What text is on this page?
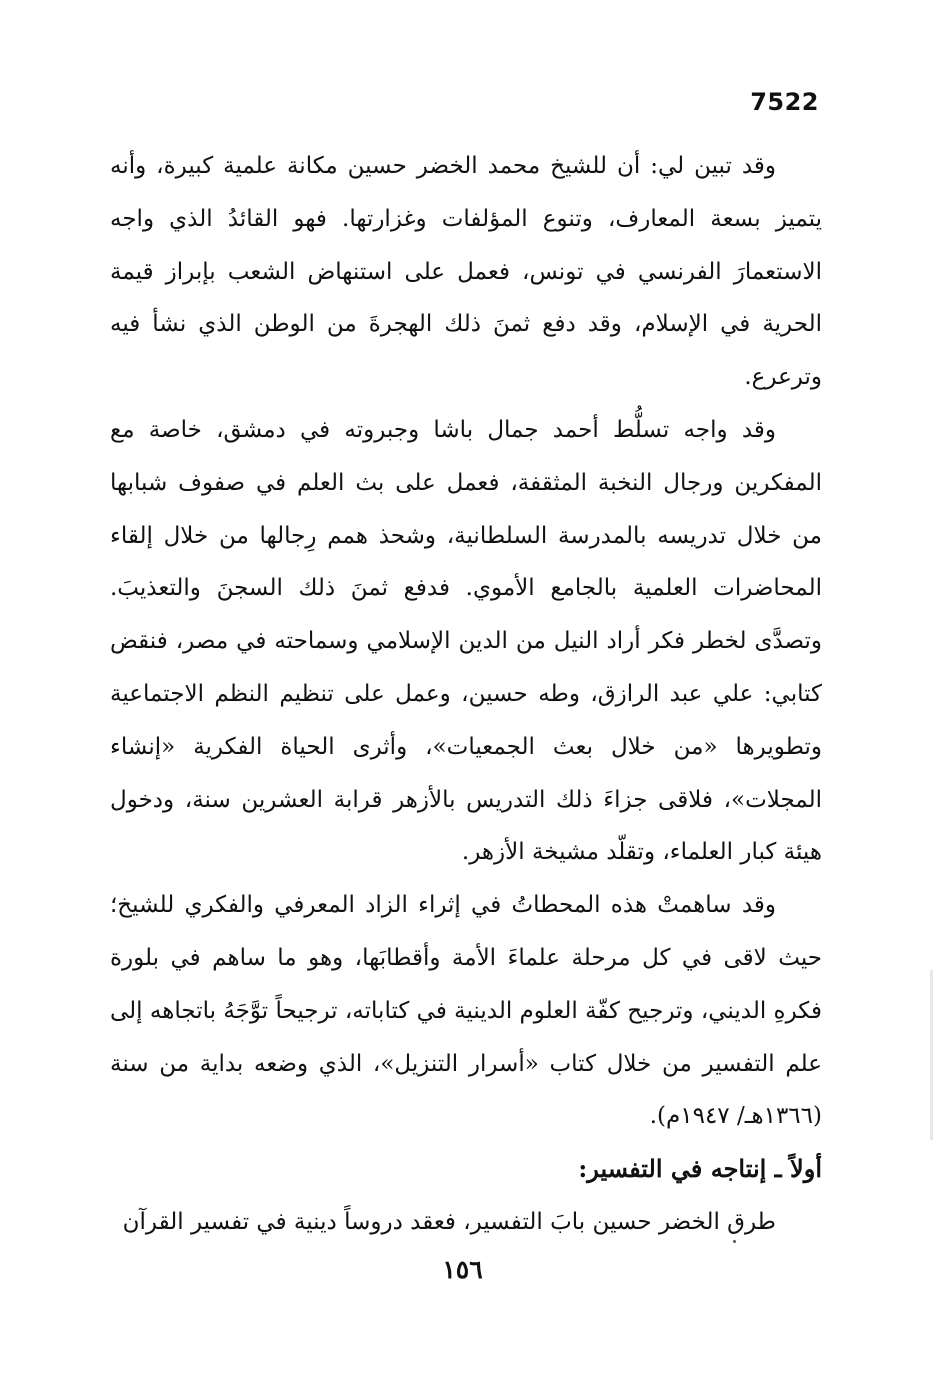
7522

وقد تبين لي: أن للشيخ محمد الخضر حسين مكانة علمية كبيرة، وأنه يتميز بسعة المعارف، وتنوع المؤلفات وغزارتها. فهو القائدُ الذي واجه الاستعمارَ الفرنسي في تونس، فعمل على استنهاض الشعب بإبراز قيمة الحرية في الإسلام، وقد دفع ثمنَ ذلك الهجرةَ من الوطن الذي نشأ فيه وترعرع.

وقد واجه تسلُّط أحمد جمال باشا وجبروته في دمشق، خاصة مع المفكرين ورجال النخبة المثقفة، فعمل على بث العلم في صفوف شبابها من خلال تدريسه بالمدرسة السلطانية، وشحذ همم رِجالها من خلال إلقاء المحاضرات العلمية بالجامع الأموي. فدفع ثمنَ ذلك السجنَ والتعذيبَ. وتصدَّى لخطر فكر أراد النيل من الدين الإسلامي وسماحته في مصر، فنقض كتابي: علي عبد الرازق، وطه حسين، وعمل على تنظيم النظم الاجتماعية وتطويرها «من خلال بعث الجمعيات»، وأثرى الحياة الفكرية «إنشاء المجلات»، فلاقى جزاءَ ذلك التدريس بالأزهر قرابة العشرين سنة، ودخول هيئة كبار العلماء، وتقلّد مشيخة الأزهر.

وقد ساهمتْ هذه المحطاتُ في إثراء الزاد المعرفي والفكري للشيخ؛ حيث لاقى في كل مرحلة علماءَ الأمة وأقطابَها، وهو ما ساهم في بلورة فكرهِ الديني، وترجيح كفّة العلوم الدينية في كتاباته، ترجيحاً توَّجَهُ باتجاهه إلى علم التفسير من خلال كتاب «أسرار التنزيل»، الذي وضعه بداية من سنة (١٣٦٦هـ/ ١٩٤٧م).

أولاً ـ إنتاجه في التفسير:

طرق الخضر حسين بابَ التفسير، فعقد دروساً دينية في تفسير القرآن

١٥٦
